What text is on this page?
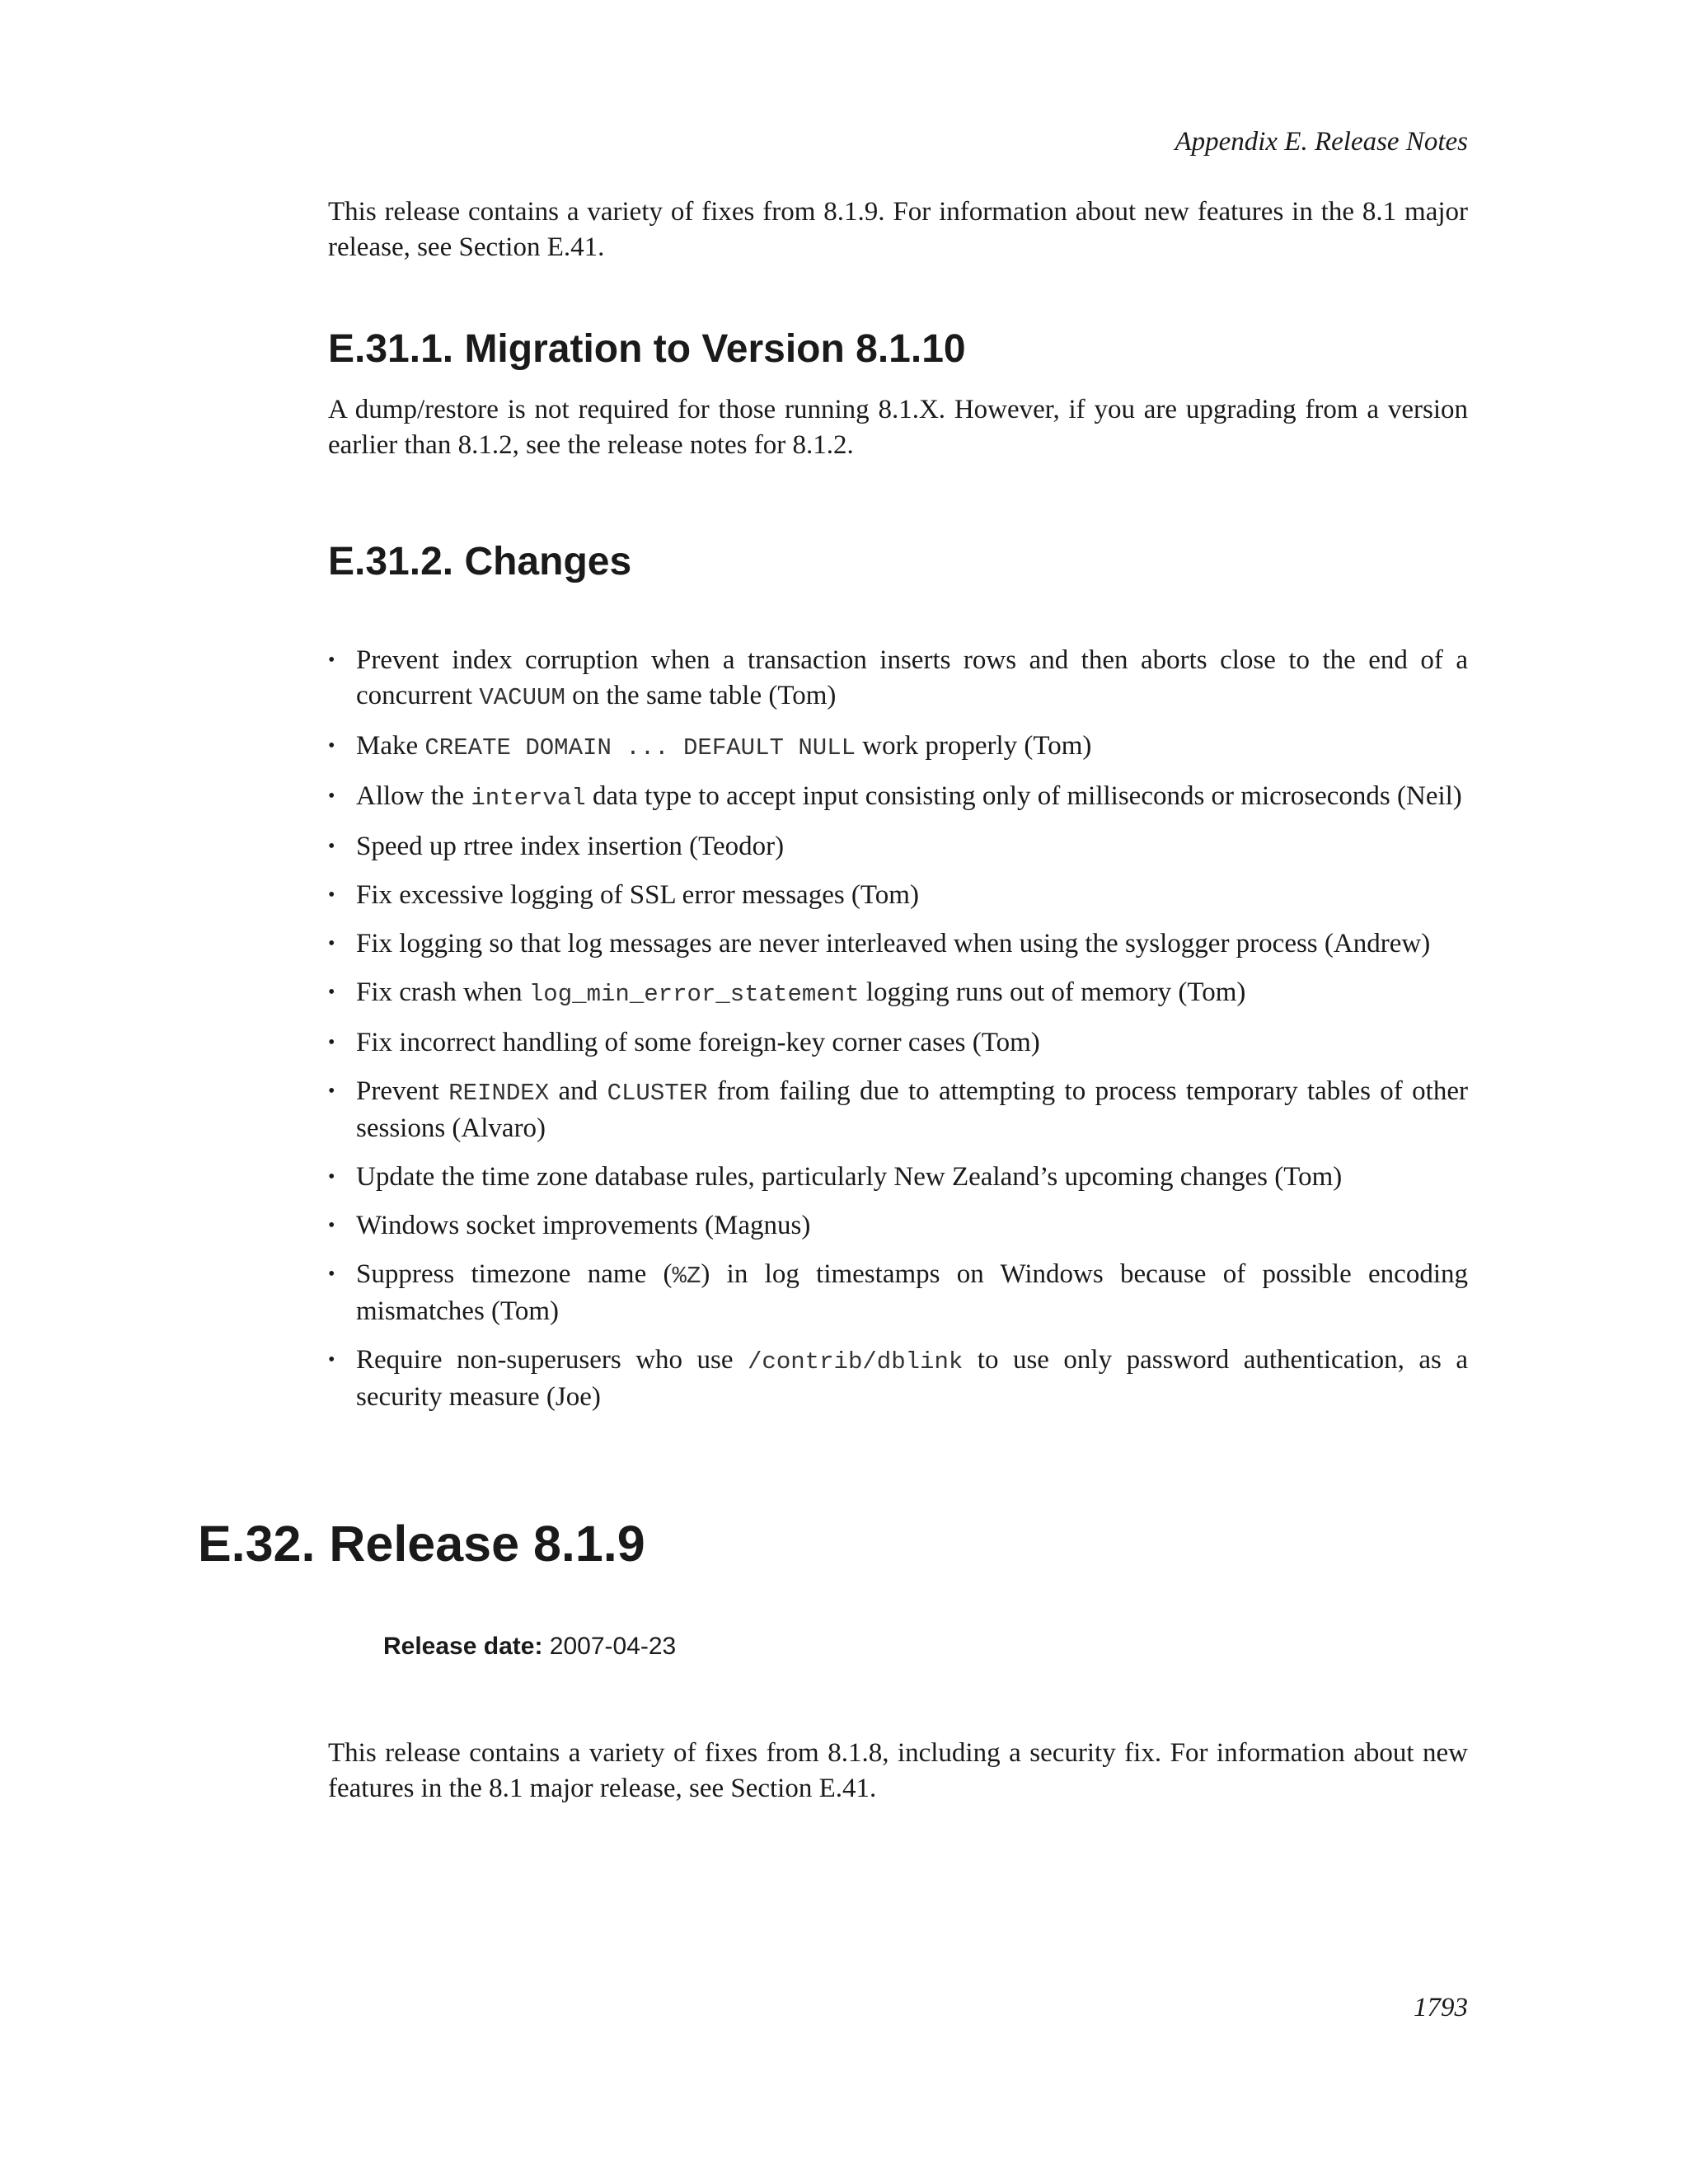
Appendix E. Release Notes

This release contains a variety of fixes from 8.1.9. For information about new features in the 8.1 major release, see Section E.41.

E.31.1. Migration to Version 8.1.10

A dump/restore is not required for those running 8.1.X. However, if you are upgrading from a version earlier than 8.1.2, see the release notes for 8.1.2.

E.31.2. Changes
• Prevent index corruption when a transaction inserts rows and then aborts close to the end of a concurrent VACUUM on the same table (Tom)
• Make CREATE DOMAIN ... DEFAULT NULL work properly (Tom)
• Allow the interval data type to accept input consisting only of milliseconds or microseconds (Neil)
• Speed up rtree index insertion (Teodor)
• Fix excessive logging of SSL error messages (Tom)
• Fix logging so that log messages are never interleaved when using the syslogger process (Andrew)
• Fix crash when log_min_error_statement logging runs out of memory (Tom)
• Fix incorrect handling of some foreign-key corner cases (Tom)
• Prevent REINDEX and CLUSTER from failing due to attempting to process temporary tables of other sessions (Alvaro)
• Update the time zone database rules, particularly New Zealand’s upcoming changes (Tom)
• Windows socket improvements (Magnus)
• Suppress timezone name (%Z) in log timestamps on Windows because of possible encoding mismatches (Tom)
• Require non-superusers who use /contrib/dblink to use only password authentication, as a security measure (Joe)
E.32. Release 8.1.9
Release date: 2007-04-23

This release contains a variety of fixes from 8.1.8, including a security fix. For information about new features in the 8.1 major release, see Section E.41.

1793
